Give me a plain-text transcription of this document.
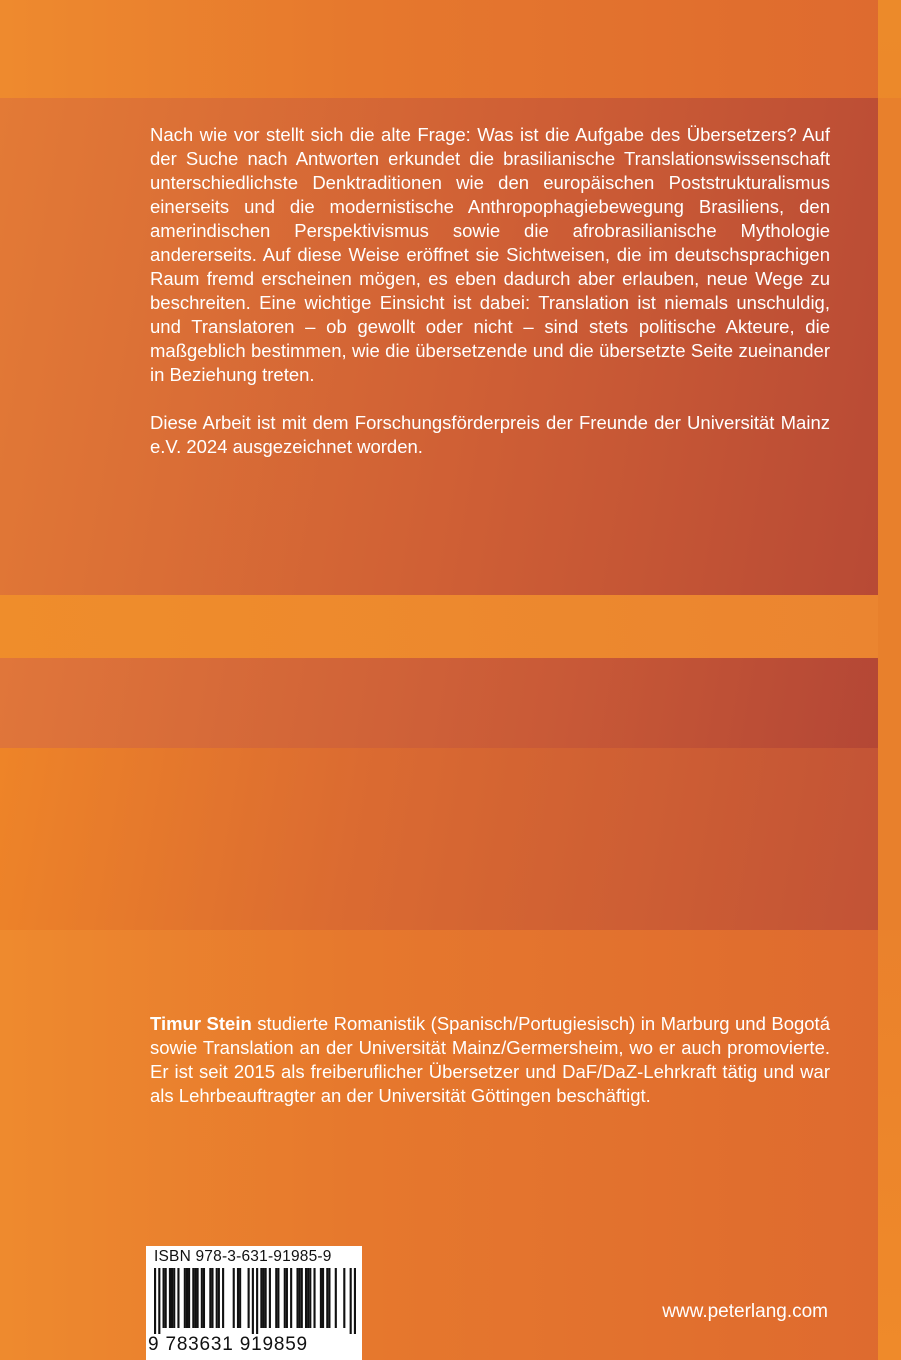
Nach wie vor stellt sich die alte Frage: Was ist die Aufgabe des Übersetzers? Auf der Suche nach Antworten erkundet die brasilianische Translationswissenschaft unterschiedlichste Denktraditionen wie den europäischen Poststrukturalismus einerseits und die modernistische Anthropophagiebewegung Brasiliens, den amerindischen Perspektivismus sowie die afrobrasilianische Mythologie andererseits. Auf diese Weise eröffnet sie Sichtweisen, die im deutschsprachigen Raum fremd erscheinen mögen, es eben dadurch aber erlauben, neue Wege zu beschreiten. Eine wichtige Einsicht ist dabei: Translation ist niemals unschuldig, und Translatoren – ob gewollt oder nicht – sind stets politische Akteure, die maßgeblich bestimmen, wie die übersetzende und die übersetzte Seite zueinander in Beziehung treten.

Diese Arbeit ist mit dem Forschungsförderpreis der Freunde der Universität Mainz e.V. 2024 ausgezeichnet worden.

Timur Stein studierte Romanistik (Spanisch/Portugiesisch) in Marburg und Bogotá sowie Translation an der Universität Mainz/Germersheim, wo er auch promovierte. Er ist seit 2015 als freiberuflicher Übersetzer und DaF/DaZ-Lehrkraft tätig und war als Lehrbeauftragter an der Universität Göttingen beschäftigt.

ISBN 978-3-631-91985-9
9 783631 919859
www.peterlang.com
